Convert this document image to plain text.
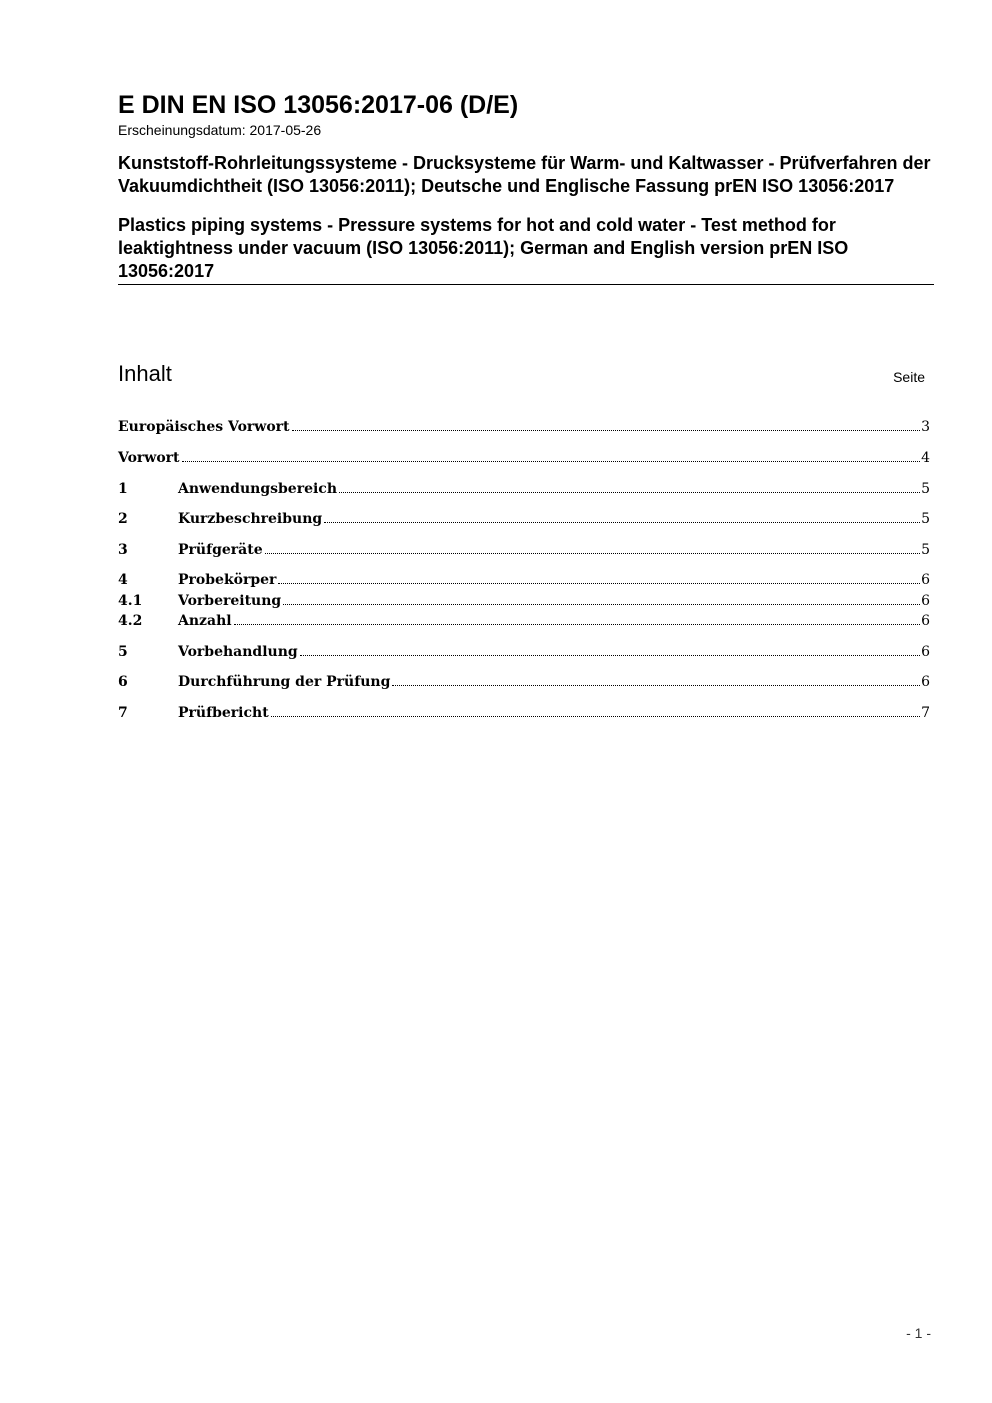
E DIN EN ISO 13056:2017-06 (D/E)
Erscheinungsdatum: 2017-05-26
Kunststoff-Rohrleitungssysteme - Drucksysteme für Warm- und Kaltwasser - Prüfverfahren der Vakuumdichtheit (ISO 13056:2011); Deutsche und Englische Fassung prEN ISO 13056:2017
Plastics piping systems - Pressure systems for hot and cold water - Test method for leaktightness under vacuum (ISO 13056:2011); German and English version prEN ISO 13056:2017
Inhalt	Seite
Europäisches Vorwort	3
Vorwort	4
1	Anwendungsbereich	5
2	Kurzbeschreibung	5
3	Prüfgeräte	5
4	Probekörper	6
4.1	Vorbereitung	6
4.2	Anzahl	6
5	Vorbehandlung	6
6	Durchführung der Prüfung	6
7	Prüfbericht	7
- 1 -
